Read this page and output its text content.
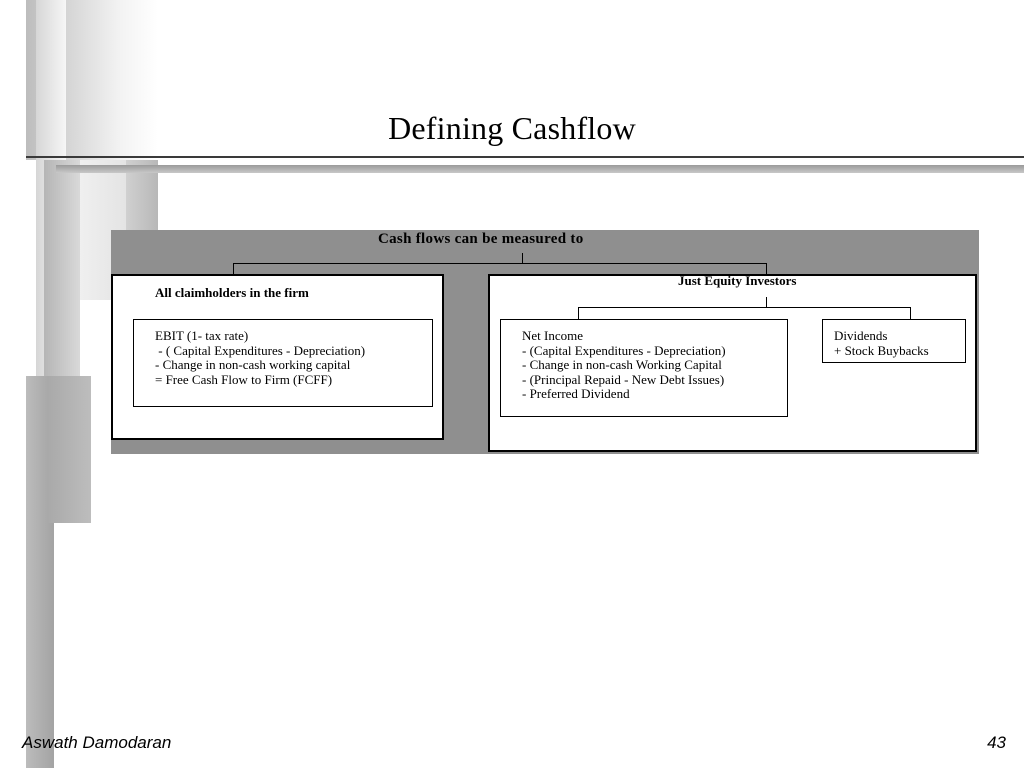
Defining Cashflow
Cash flows can be measured to
All claimholders in the firm
EBIT (1- tax rate)
- ( Capital Expenditures - Depreciation)
- Change in non-cash working capital
= Free Cash Flow to Firm (FCFF)
Just Equity Investors
Net Income
- (Capital Expenditures - Depreciation)
- Change in non-cash Working Capital
- (Principal Repaid - New Debt Issues)
- Preferred Dividend
Dividends
+ Stock Buybacks
Aswath Damodaran	43
